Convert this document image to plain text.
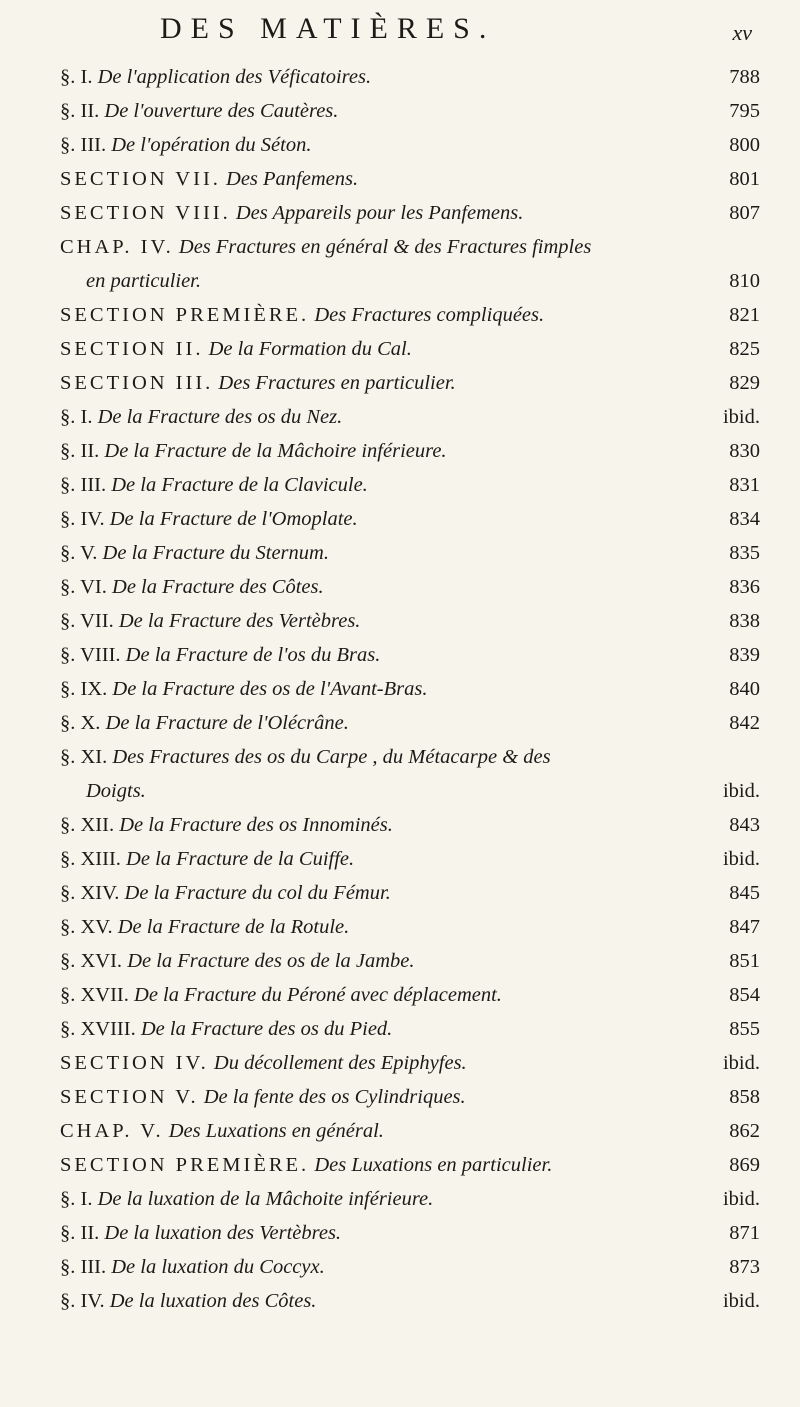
DES MATIÈRES.	xv
§. I. De l'application des Véficatoires.	788
§. II. De l'ouverture des Cautères.	795
§. III. De l'opération du Séton.	800
SECTION VII. Des Panfemens.	801
SECTION VIII. Des Appareils pour les Panfemens.	807
CHAP. IV. Des Fractures en général & des Fractures fimples
en particulier.	810
SECTION PREMIÈRE. Des Fractures compliquées.	821
SECTION II. De la Formation du Cal.	825
SECTION III. Des Fractures en particulier.	829
§. I. De la Fracture des os du Nez.	ibid.
§. II. De la Fracture de la Mâchoire inférieure.	830
§. III. De la Fracture de la Clavicule.	831
§. IV. De la Fracture de l'Omoplate.	834
§. V. De la Fracture du Sternum.	835
§. VI. De la Fracture des Côtes.	836
§. VII. De la Fracture des Vertèbres.	838
§. VIII. De la Fracture de l'os du Bras.	839
§. IX. De la Fracture des os de l'Avant-Bras.	840
§. X. De la Fracture de l'Olécrâne.	842
§. XI. Des Fractures des os du Carpe , du Métacarpe & des
Doigts.	ibid.
§. XII. De la Fracture des os Innominés.	843
§. XIII. De la Fracture de la Cuiffe.	ibid.
§. XIV. De la Fracture du col du Fémur.	845
§. XV. De la Fracture de la Rotule.	847
§. XVI. De la Fracture des os de la Jambe.	851
§. XVII. De la Fracture du Péroné avec déplacement.	854
§. XVIII. De la Fracture des os du Pied.	855
SECTION IV. Du décollement des Epiphyfes.	ibid.
SECTION V. De la fente des os Cylindriques.	858
CHAP. V. Des Luxations en général.	862
SECTION PREMIÈRE. Des Luxations en particulier.	869
§. I. De la luxation de la Mâchoite inférieure.	ibid.
§. II. De la luxation des Vertèbres.	871
§. III. De la luxation du Coccyx.	873
§. IV. De la luxation des Côtes.	ibid.
